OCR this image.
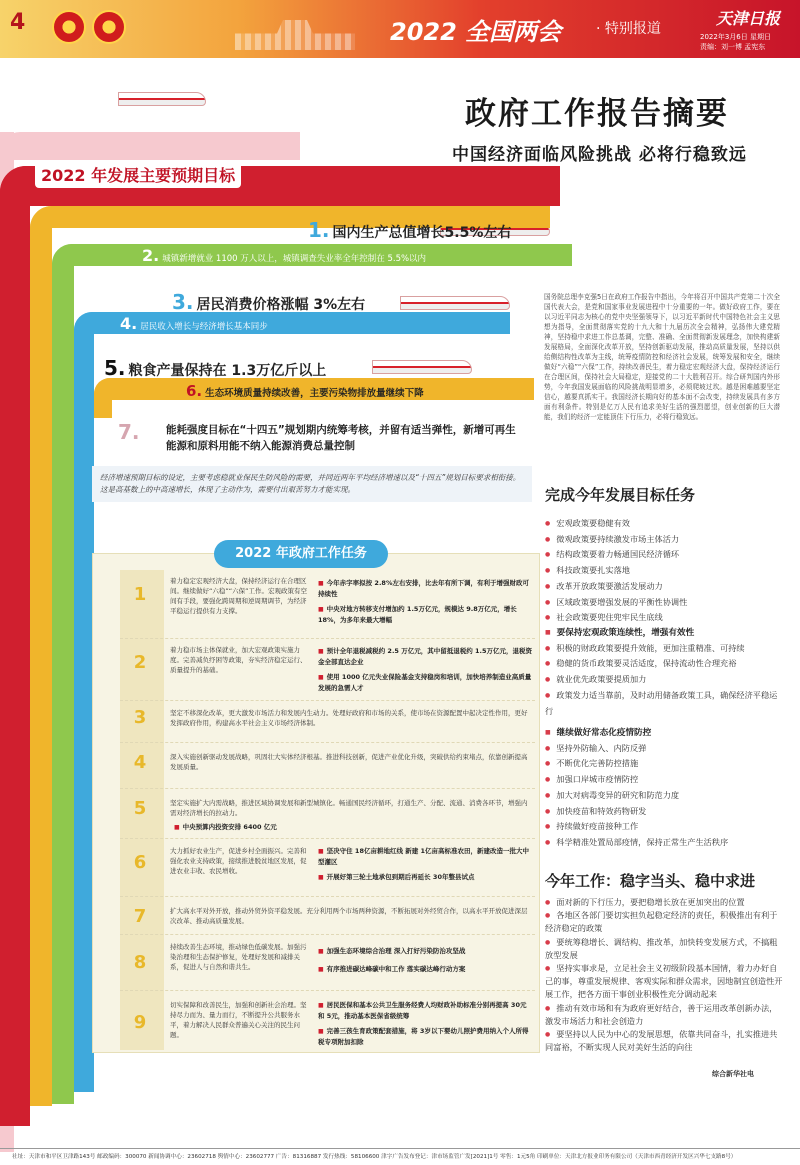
4	2022 全国两会 · 特别报道
天津日报
2022年3月6日 星期日
责编：刘一博 孟宪东
政府工作报告摘要
中国经济面临风险挑战 必将行稳致远
2022 年发展主要预期目标
1. 国内生产总值增长5.5%左右
2. 城镇新增就业 1100 万人以上，城镇调查失业率全年控制在 5.5%以内
3. 居民消费价格涨幅 3%左右
4. 居民收入增长与经济增长基本同步
5. 粮食产量保持在 1.3万亿斤以上
6. 生态环境质量持续改善，主要污染物排放量继续下降
7.	能耗强度目标在“十四五”规划期内统筹考核，并留有适当弹性，新增可再生能源和原料用能不纳入能源消费总量控制
经济增速预期目标的设定，主要考虑稳就业保民生防风险的需要，并同近两年平均经济增速以及“十四五”规划目标要求相衔接。这是高基数上的中高速增长，体现了主动作为，需要付出艰苦努力才能实现。
国务院总理李克强5日在政府工作报告中指出，今年将召开中国共产党第二十次全国代表大会，是党和国家事业发展进程中十分重要的一年。做好政府工作，要在以习近平同志为核心的党中央坚强领导下，以习近平新时代中国特色社会主义思想为指导，全面贯彻落实党的十九大和十九届历次全会精神，弘扬伟大建党精神，坚持稳中求进工作总基调，完整、准确、全面贯彻新发展理念，加快构建新发展格局，全面深化改革开放，坚持创新驱动发展，推动高质量发展，坚持以供给侧结构性改革为主线，统筹疫情防控和经济社会发展，统筹发展和安全，继续做好“六稳”“六保”工作，持续改善民生，着力稳定宏观经济大盘，保持经济运行在合理区间，保持社会大局稳定，迎接党的二十大胜利召开。综合研判国内外形势，今年我国发展面临的风险挑战明显增多，必须爬坡过坎。越是困难越要坚定信心，越要真抓实干。我国经济长期向好的基本面不会改变，持续发展具有多方面有利条件。特别是亿万人民有追求美好生活的强烈愿望，创业创新的巨大潜能，我们的经济一定能顶住下行压力，必将行稳致远。
完成今年发展目标任务
● 宏观政策要稳健有效
● 微观政策要持续激发市场主体活力
● 结构政策要着力畅通国民经济循环
● 科技政策要扎实落地
● 改革开放政策要激活发展动力
● 区域政策要增强发展的平衡性协调性
● 社会政策要兜住兜牢民生底线
■ 要保持宏观政策连续性，增强有效性
● 积极的财政政策要提升效能，更加注重精准、可持续
● 稳健的货币政策要灵活适度，保持流动性合理充裕
● 就业优先政策要提质加力
● 政策发力适当靠前，及时动用储备政策工具，确保经济平稳运行
■ 继续做好常态化疫情防控
● 坚持外防输入、内防反弹
● 不断优化完善防控措施
● 加强口岸城市疫情防控
● 加大对病毒变异的研究和防范力度
● 加快疫苗和特效药物研发
● 持续做好疫苗接种工作
● 科学精准处置局部疫情，保持正常生产生活秩序
今年工作：稳字当头、稳中求进
● 面对新的下行压力，要把稳增长放在更加突出的位置
● 各地区各部门要切实担负起稳定经济的责任，积极推出有利于经济稳定的政策
● 要统筹稳增长、调结构、推改革，加快转变发展方式，不搞粗放型发展
● 坚持实事求是，立足社会主义初级阶段基本国情，着力办好自己的事，尊重发展规律、客观实际和群众需求，因地制宜创造性开展工作，把各方面干事创业积极性充分调动起来
● 推动有效市场和有为政府更好结合，善于运用改革创新办法，激发市场活力和社会创造力
● 要坚持以人民为中心的发展思想，依靠共同奋斗，扎实推进共同富裕，不断实现人民对美好生活的向往
综合新华社电
2022 年政府工作任务
1
着力稳定宏观经济大盘，保持经济运行在合理区间。继续做好“六稳”“六保”工作。宏观政策有空间有手段，要强化跨周期和逆周期调节，为经济平稳运行提供有力支撑。
■ 今年赤字率拟按 2.8%左右安排，比去年有所下调，有利于增强财政可持续性
■ 中央对地方转移支付增加约 1.5万亿元，规模达 9.8万亿元，增长 18%，为多年来最大增幅
2
着力稳市场主体保就业，加大宏观政策实施力度。完善减负纾困等政策，夯实经济稳定运行、质量提升的基础。
■ 预计全年退税减税约 2.5 万亿元，其中留抵退税约 1.5万亿元，退税资金全部直达企业
■ 使用 1000 亿元失业保险基金支持稳岗和培训，加快培养制造业高质量发展的急需人才
3	坚定不移深化改革，更大激发市场活力和发展内生动力。处理好政府和市场的关系，使市场在资源配置中起决定性作用，更好发挥政府作用，构建高水平社会主义市场经济体制。
4	深入实施创新驱动发展战略，巩固壮大实体经济根基。推进科技创新，促进产业优化升级，突破供给约束堵点，依靠创新提高发展质量。
5	坚定实施扩大内需战略，推进区域协调发展和新型城镇化。畅通国民经济循环，打通生产、分配、流通、消费各环节，增强内需对经济增长的拉动力。
■ 中央预算内投资安排 6400 亿元
6
大力抓好农业生产，促进乡村全面振兴。完善和强化农业支持政策，接续推进脱贫地区发展，促进农业丰收、农民增收。
■ 坚决守住 18亿亩耕地红线 新建 1亿亩高标准农田，新建改造一批大中型灌区
■ 开展好第三轮土地承包到期后再延长 30年整县试点
7	扩大高水平对外开放，推动外贸外资平稳发展。充分利用两个市场两种资源，不断拓展对外经贸合作，以高水平开放促进深层次改革、推动高质量发展。
8
持续改善生态环境，推动绿色低碳发展。加强污染治理和生态保护修复，处理好发展和减排关系，促进人与自然和谐共生。
■ 加强生态环境综合治理 深入打好污染防治攻坚战
■ 有序推进碳达峰碳中和工作 落实碳达峰行动方案
9
切实保障和改善民生，加强和创新社会治理。坚持尽力而为、量力而行，不断提升公共服务水平，着力解决人民群众普遍关心关注的民生问题。
■ 居民医保和基本公共卫生服务经费人均财政补助标准分别再提高 30元和 5元，推动基本医保省级统筹
■ 完善三孩生育政策配套措施，将 3岁以下婴幼儿照护费用纳入个人所得税专项附加扣除
社址：天津市和平区卫津路143号 邮政编码：300070 新闻协调中心：23602718 舆情中心：23602777 广告：81316887 发行热线：58106600 津字广告发布登记：津市场监管广发[2021]1号 零售：1元5角 印刷单位：天津北方报业印务有限公司（天津市西青经济开发区兴华七支路8号）
